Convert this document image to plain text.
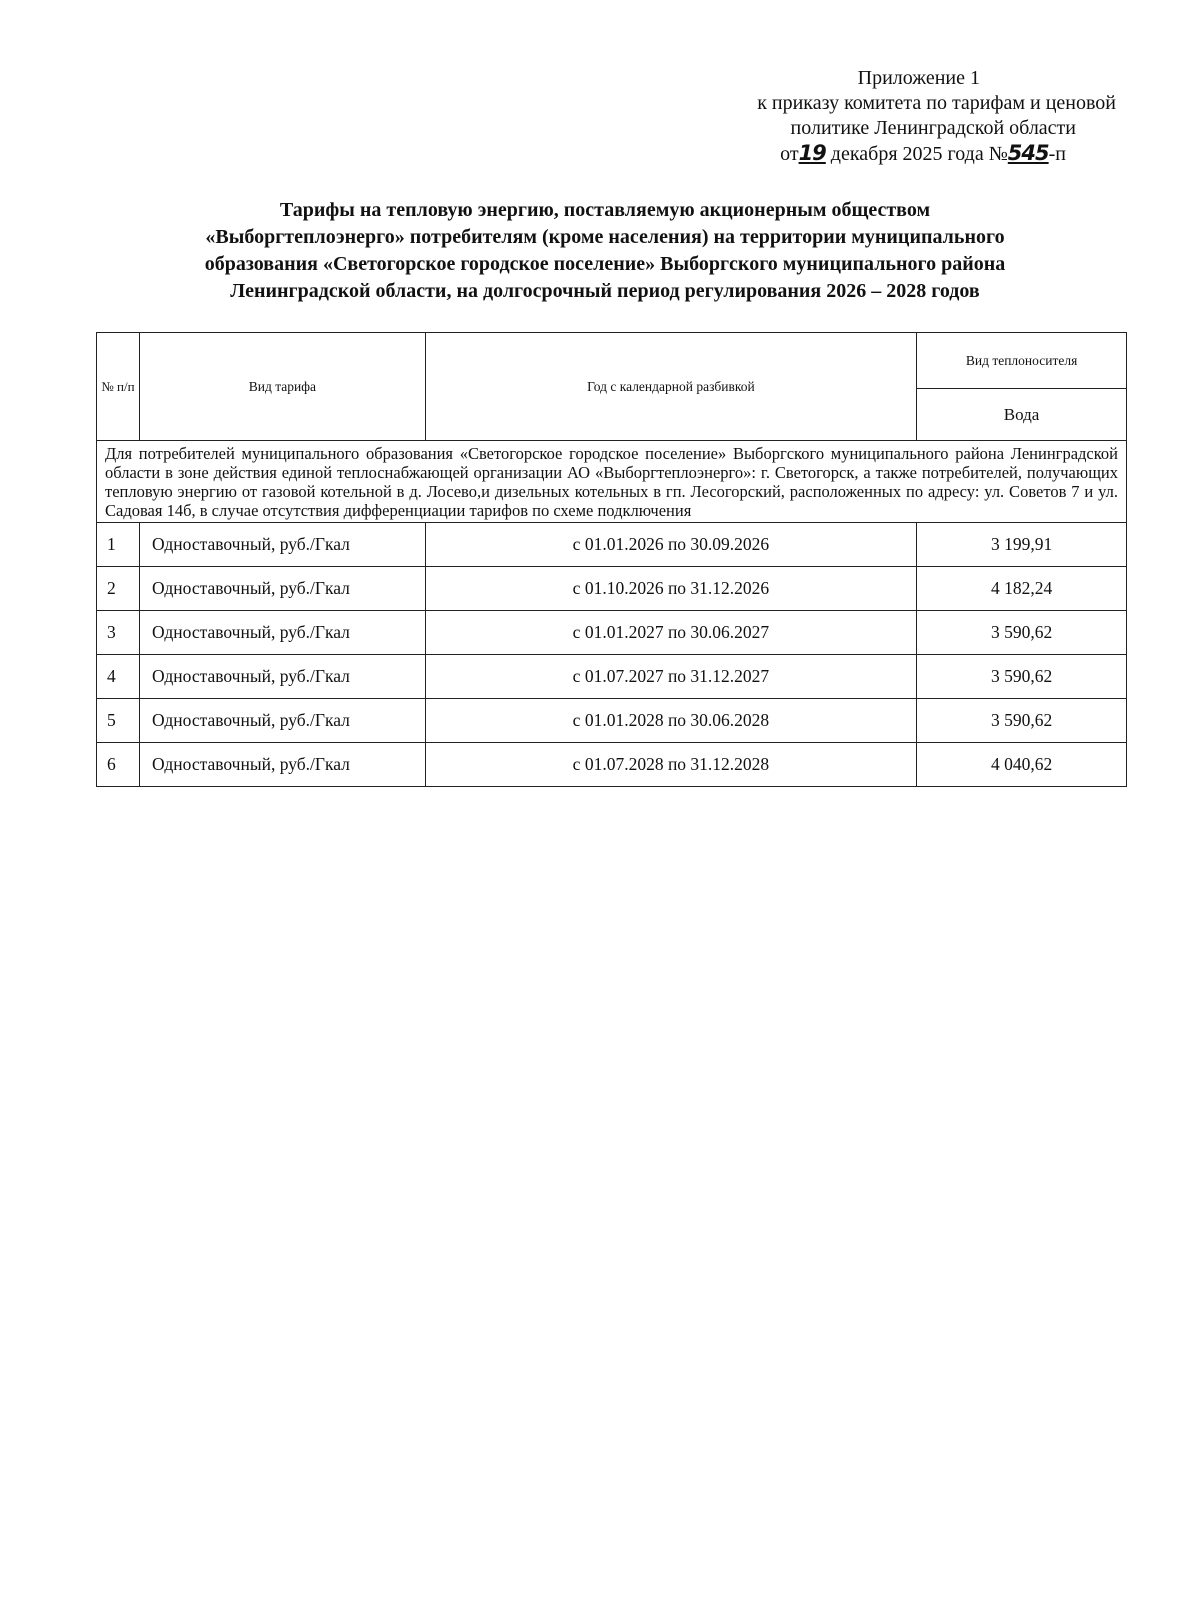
Приложение 1
к приказу комитета по тарифам и ценовой
политике Ленинградской области
от19 декабря 2025 года №545-п
Тарифы на тепловую энергию, поставляемую акционерным обществом
«Выборгтеплоэнерго» потребителям (кроме населения) на территории муниципального
образования «Светогорское городское поселение» Выборгского муниципального района
Ленинградской области, на долгосрочный период регулирования 2026 – 2028 годов
№ п/п	Вид тарифа	Год с календарной разбивкой	Вид теплоносителя
			Вода
Для потребителей муниципального образования «Светогорское городское поселение» Выборгского муниципального района Ленинградской области в зоне действия единой теплоснабжающей организации АО «Выборгтеплоэнерго»: г. Светогорск, а также потребителей, получающих тепловую энергию от газовой котельной в д. Лосево,и дизельных котельных в гп. Лесогорский, расположенных по адресу: ул. Советов 7 и ул. Садовая 14б, в случае отсутствия дифференциации тарифов по схеме подключения			
1	Одноставочный, руб./Гкал	с 01.01.2026 по 30.09.2026	3 199,91
2	Одноставочный, руб./Гкал	с 01.10.2026 по 31.12.2026	4 182,24
3	Одноставочный, руб./Гкал	с 01.01.2027 по 30.06.2027	3 590,62
4	Одноставочный, руб./Гкал	с 01.07.2027 по 31.12.2027	3 590,62
5	Одноставочный, руб./Гкал	с 01.01.2028 по 30.06.2028	3 590,62
6	Одноставочный, руб./Гкал	с 01.07.2028 по 31.12.2028	4 040,62
